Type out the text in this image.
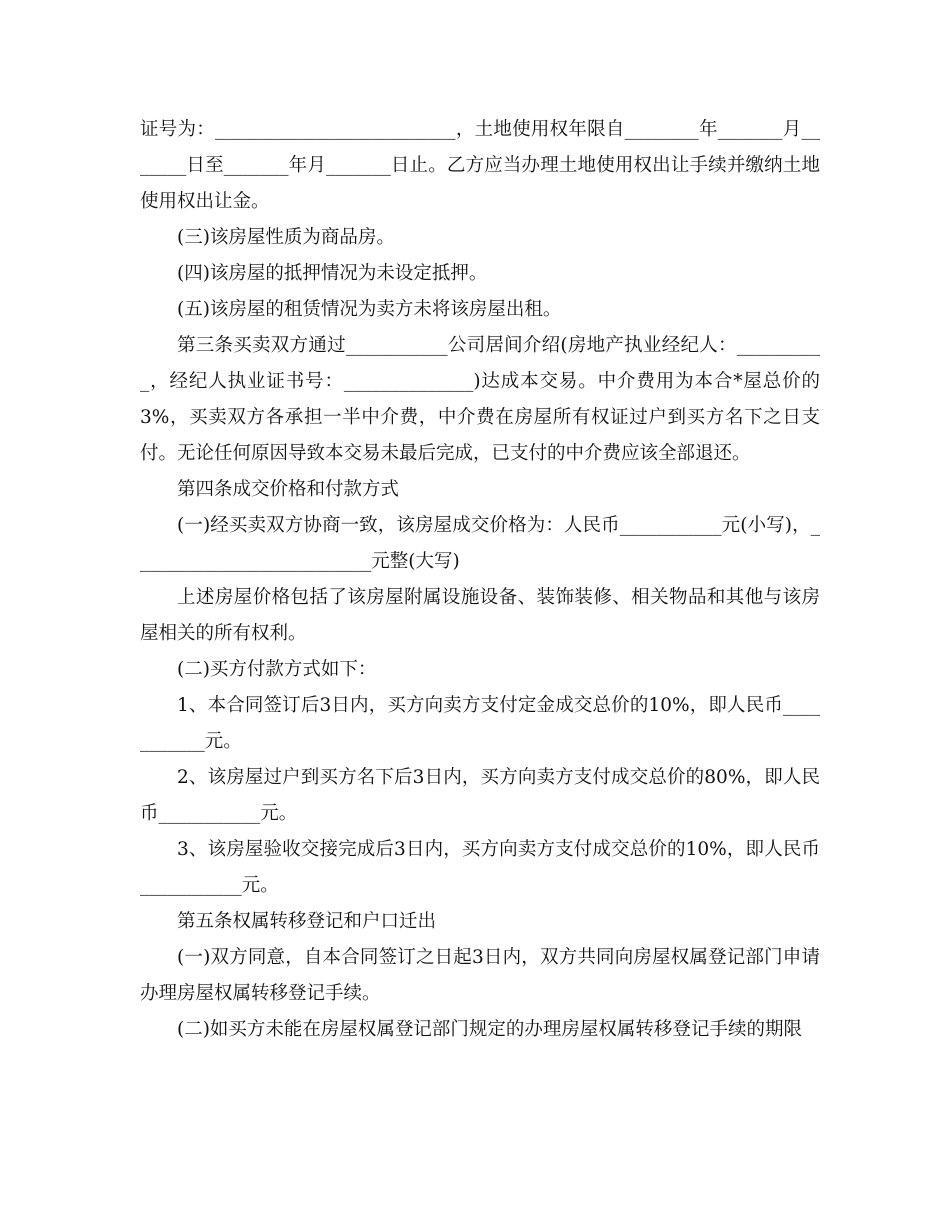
证号为：__________________________，土地使用权年限自________年_______月_______日至_______年月_______日止。乙方应当办理土地使用权出让手续并缴纳土地使用权出让金。

(三)该房屋性质为商品房。

(四)该房屋的抵押情况为未设定抵押。

(五)该房屋的租赁情况为卖方未将该房屋出租。

第三条买卖双方通过___________公司居间介绍(房地产执业经纪人：__________，经纪人执业证书号：______________)达成本交易。中介费用为本合*屋总价的3%，买卖双方各承担一半中介费，中介费在房屋所有权证过户到买方名下之日支付。无论任何原因导致本交易未最后完成，已支付的中介费应该全部退还。

第四条成交价格和付款方式

(一)经买卖双方协商一致，该房屋成交价格为：人民币___________元(小写)，__________________________元整(大写)

上述房屋价格包括了该房屋附属设施设备、装饰装修、相关物品和其他与该房屋相关的所有权利。

(二)买方付款方式如下：

1、本合同签订后3日内，买方向卖方支付定金成交总价的10%，即人民币___________元。

2、该房屋过户到买方名下后3日内，买方向卖方支付成交总价的80%，即人民币___________元。

3、该房屋验收交接完成后3日内，买方向卖方支付成交总价的10%，即人民币___________元。

第五条权属转移登记和户口迁出

(一)双方同意，自本合同签订之日起3日内，双方共同向房屋权属登记部门申请办理房屋权属转移登记手续。

(二)如买方未能在房屋权属登记部门规定的办理房屋权属转移登记手续的期限
